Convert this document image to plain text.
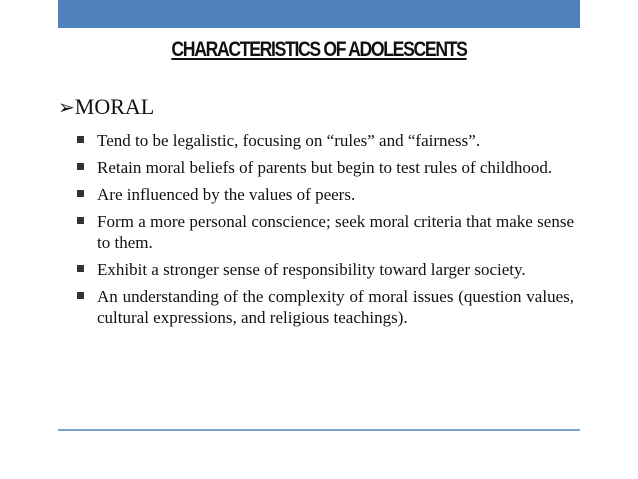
CHARACTERISTICS OF ADOLESCENTS
➢MORAL
Tend to be legalistic, focusing on “rules” and “fairness”.
Retain moral beliefs of parents but begin to test rules of childhood.
Are influenced by the values of peers.
Form a more personal conscience; seek moral criteria that make sense to them.
Exhibit a stronger sense of responsibility toward larger society.
An understanding of the complexity of moral issues (question values, cultural expressions, and religious teachings).
